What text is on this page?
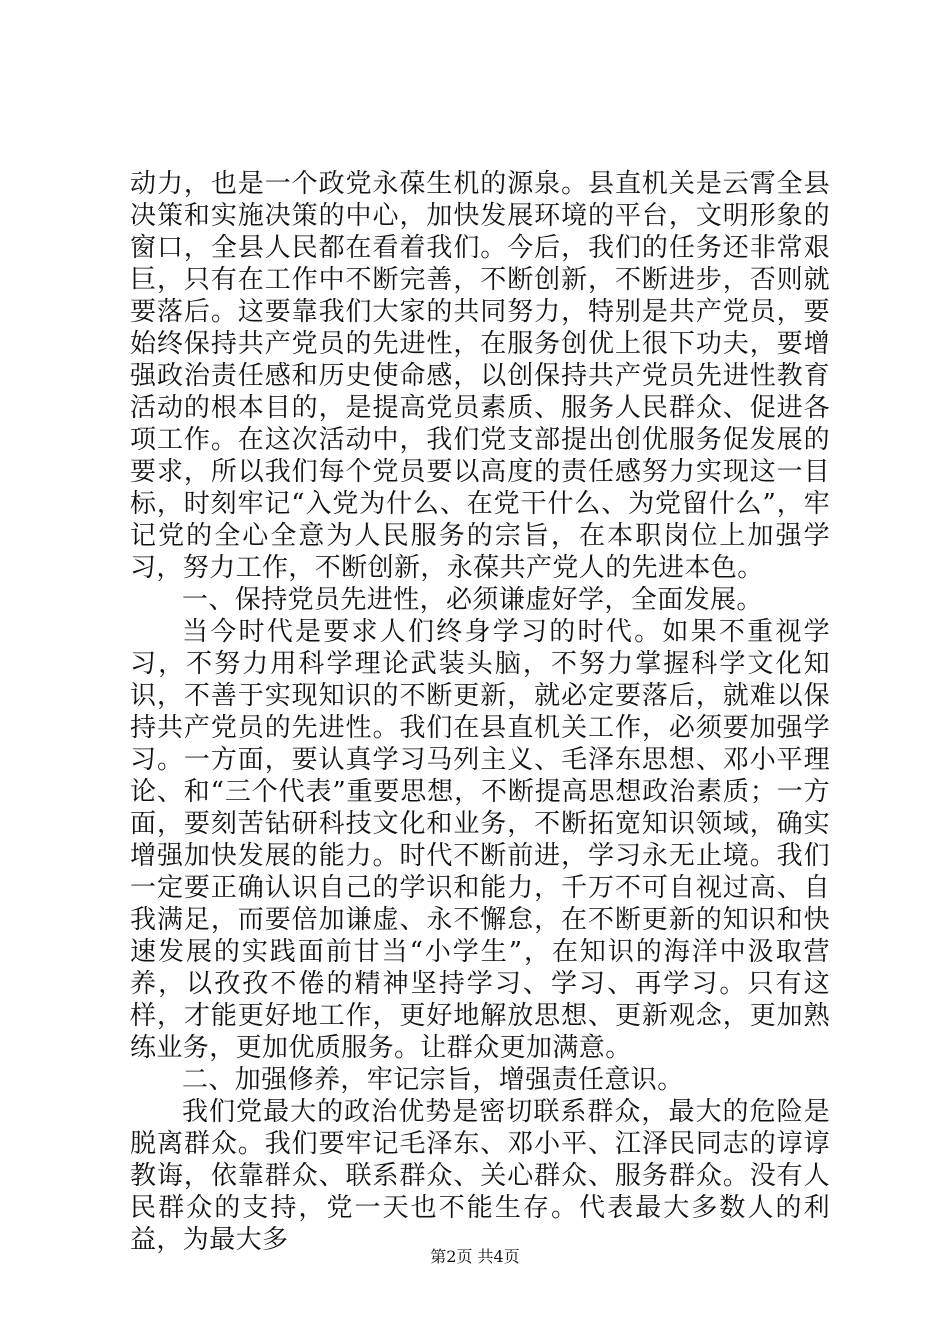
动力，也是一个政党永葆生机的源泉。县直机关是云霄全县决策和实施决策的中心，加快发展环境的平台，文明形象的窗口，全县人民都在看着我们。今后，我们的任务还非常艰巨，只有在工作中不断完善，不断创新，不断进步，否则就要落后。这要靠我们大家的共同努力，特别是共产党员，要始终保持共产党员的先进性，在服务创优上很下功夫，要增强政治责任感和历史使命感，以创保持共产党员先进性教育活动的根本目的，是提高党员素质、服务人民群众、促进各项工作。在这次活动中，我们党支部提出创优服务促发展的要求，所以我们每个党员要以高度的责任感努力实现这一目标，时刻牢记“入党为什么、在党干什么、为党留什么”，牢记党的全心全意为人民服务的宗旨，在本职岗位上加强学习，努力工作，不断创新，永葆共产党人的先进本色。

一、保持党员先进性，必须谦虚好学，全面发展。

当今时代是要求人们终身学习的时代。如果不重视学习，不努力用科学理论武装头脑，不努力掌握科学文化知识，不善于实现知识的不断更新，就必定要落后，就难以保持共产党员的先进性。我们在县直机关工作，必须要加强学习。一方面，要认真学习马列主义、毛泽东思想、邓小平理论、和“三个代表”重要思想，不断提高思想政治素质；一方面，要刻苦钻研科技文化和业务，不断拓宽知识领域，确实增强加快发展的能力。时代不断前进，学习永无止境。我们一定要正确认识自己的学识和能力，千万不可自视过高、自我满足，而要倍加谦虚、永不懈怠，在不断更新的知识和快速发展的实践面前甘当“小学生”，在知识的海洋中汲取营养，以孜孜不倦的精神坚持学习、学习、再学习。只有这样，才能更好地工作，更好地解放思想、更新观念，更加熟练业务，更加优质服务。让群众更加满意。

二、加强修养，牢记宗旨，增强责任意识。

我们党最大的政治优势是密切联系群众，最大的危险是脱离群众。我们要牢记毛泽东、邓小平、江泽民同志的谆谆教诲，依靠群众、联系群众、关心群众、服务群众。没有人民群众的支持，党一天也不能生存。代表最大多数人的利益，为最大多

第2页 共4页
